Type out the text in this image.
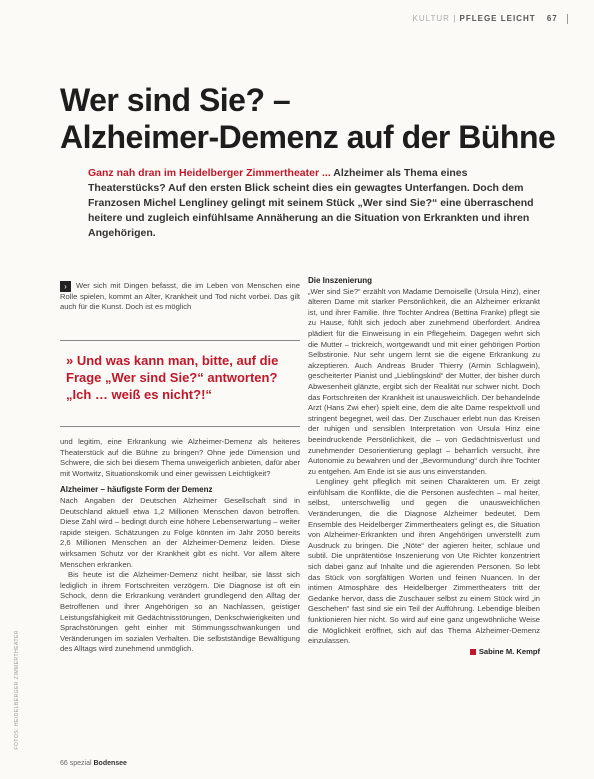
KULTUR | PFLEGE LEICHT 67
Wer sind Sie? –
Alzheimer-Demenz auf der Bühne
Ganz nah dran im Heidelberger Zimmertheater ... Alzheimer als Thema eines Theaterstücks? Auf den ersten Blick scheint dies ein gewagtes Unterfangen. Doch dem Franzosen Michel Lengliney gelingt mit seinem Stück „Wer sind Sie?“ eine überraschend heitere und zugleich einfühlsame Annäherung an die Situation von Erkrankten und ihren Angehörigen.
›	Wer sich mit Dingen befasst, die im Leben von Menschen eine Rolle spielen, kommt an Alter, Krankheit und Tod nicht vorbei. Das gilt auch für die Kunst. Doch ist es möglich

» Und was kann man, bitte, auf die Frage „Wer sind Sie?“ antworten? „Ich … weiß es nicht?!“

und legitim, eine Erkrankung wie Alzheimer-Demenz als heiteres Theaterstück auf die Bühne zu bringen? Ohne jede Dimension und Schwere, die sich bei diesem Thema unweigerlich anbieten, dafür aber mit Wortwitz, Situationskomik und einer gewissen Leichtigkeit?

Alzheimer – häufigste Form der Demenz

Nach Angaben der Deutschen Alzheimer Gesellschaft sind in Deutschland aktuell etwa 1,2 Millionen Menschen davon betroffen. Diese Zahl wird – bedingt durch eine höhere Lebenserwartung – weiter rapide steigen. Schätzungen zu Folge könnten im Jahr 2050 bereits 2,6 Millionen Menschen an der Alzheimer-Demenz leiden. Diese wirksamen Schutz vor der Krankheit gibt es nicht. Vor allem ältere Menschen erkranken.

Bis heute ist die Alzheimer-Demenz nicht heilbar, sie lässt sich lediglich in ihrem Fortschreiten verzögern. Die Diagnose ist oft ein Schock, denn die Erkrankung verändert grundlegend den Alltag der Betroffenen und ihrer Angehörigen so an Nachlassen, geistiger Leistungsfähigkeit mit Gedächtnisstörungen, Denkschwierigkeiten und Sprachstörungen geht einher mit Stimmungsschwankungen und Veränderungen im sozialen Verhalten. Die selbstständige Bewältigung des Alltags wird zunehmend unmöglich.

Die Inszenierung

„Wer sind Sie?“ erzählt von Madame Demoiselle (Ursula Hinz), einer älteren Dame mit starker Persönlichkeit, die an Alzheimer erkrankt ist, und ihrer Familie. Ihre Tochter Andrea (Bettina Franke) pflegt sie zu Hause, fühlt sich jedoch aber zunehmend überfordert. Andrea plädiert für die Einweisung in ein Pflegeheim. Dagegen wehrt sich die Mutter – trickreich, wortgewandt und mit einer gehörigen Portion Selbstironie. Nur sehr ungern lernt sie die eigene Erkrankung zu akzeptieren. Auch Andreas Bruder Thierry (Armin Schlagwein), gescheiterter Pianist und „Lieblingskind“ der Mutter, der bisher durch Abwesenheit glänzte, ergibt sich der Realität nur schwer nicht. Doch das Fortschreiten der Krankheit ist unausweichlich. Der behandelnde Arzt (Hans Zwi eher) spielt eine, dem die alte Dame respektvoll und stringent begegnet, weil das. Der Zuschauer erlebt nun das Kreisen der ruhigen und sensiblen Interpretation von Ursula Hinz eine beeindruckende Persönlichkeit, die – von Gedächtnisverlust und zunehmender Desorientierung geplagt – beharrlich versucht, ihre Autonomie zu bewahren und der „Bevormundung“ durch ihre Tochter zu entgehen. Am Ende ist sie aus uns einverstanden.

Lengliney geht pfleglich mit seinen Charakteren um. Er zeigt einfühlsam die Konflikte, die die Personen ausfechten – mal heiter, selbst, unterschwellig und gegen die unausweichlichen Veränderungen, die die Diagnose Alzheimer bedeutet. Dem Ensemble des Heidelberger Zimmertheaters gelingt es, die Situation von Alzheimer-Erkrankten und ihren Angehörigen unverstellt zum Ausdruck zu bringen. Die „Nöte“ der agieren heiter, schlaue und subtil. Die unprätentiöse Inszenierung von Ute Richter konzentriert sich dabei ganz auf Inhalte und die agierenden Personen. So lebt das Stück von sorgfältigen Worten und feinen Nuancen. In der intimen Atmosphäre des Heidelberger Zimmertheaters tritt der Gedanke hervor, dass die Zuschauer selbst zu einem Stück wird „in Geschehen“ fast sind sie ein Teil der Aufführung. Lebendige bleiben funktionieren hier nicht. So wird auf eine ganz ungewöhnliche Weise die Möglichkeit eröffnet, sich auf das Thema Alzheimer-Demenz einzulassen.

Sabine M. Kempf

FOTOS: HEIDELBERGER ZIMMERTHEATER
66 spezial Bodensee
